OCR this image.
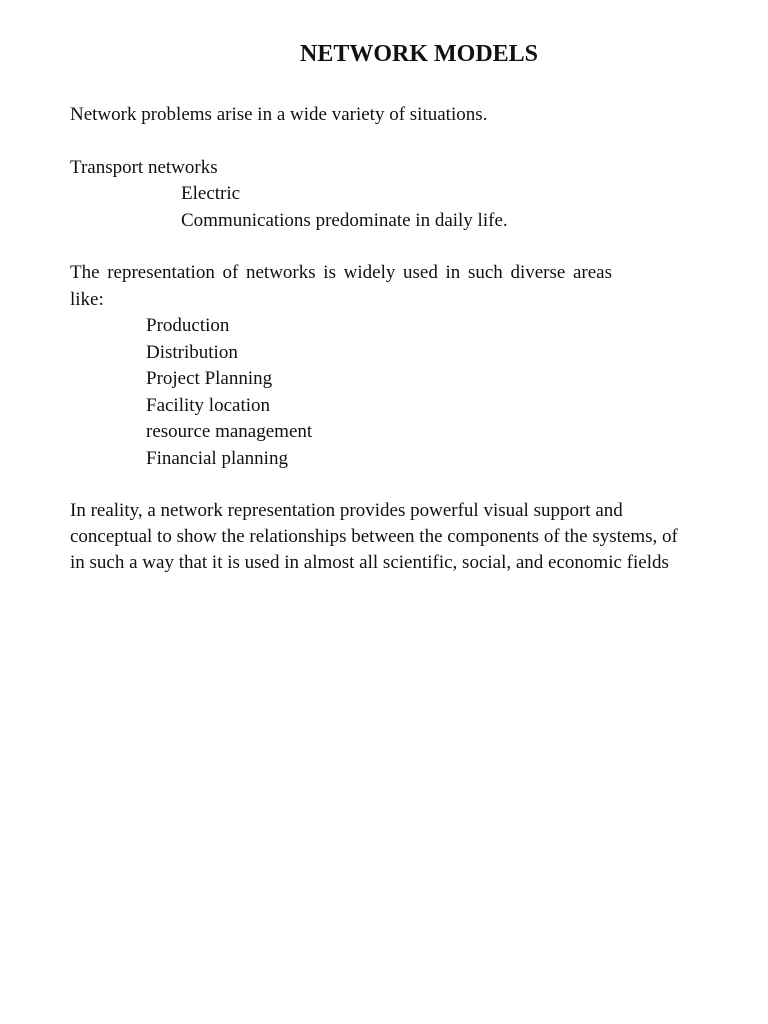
NETWORK MODELS
Network problems arise in a wide variety of situations.
Transport networks
Electric
Communications predominate in daily life.
The representation of networks is widely used in such diverse areas
like:
Production
Distribution
Project Planning
Facility location
resource management
Financial planning
In reality, a network representation provides powerful visual support and
conceptual to show the relationships between the components of the systems, of
in such a way that it is used in almost all scientific, social, and economic fields
